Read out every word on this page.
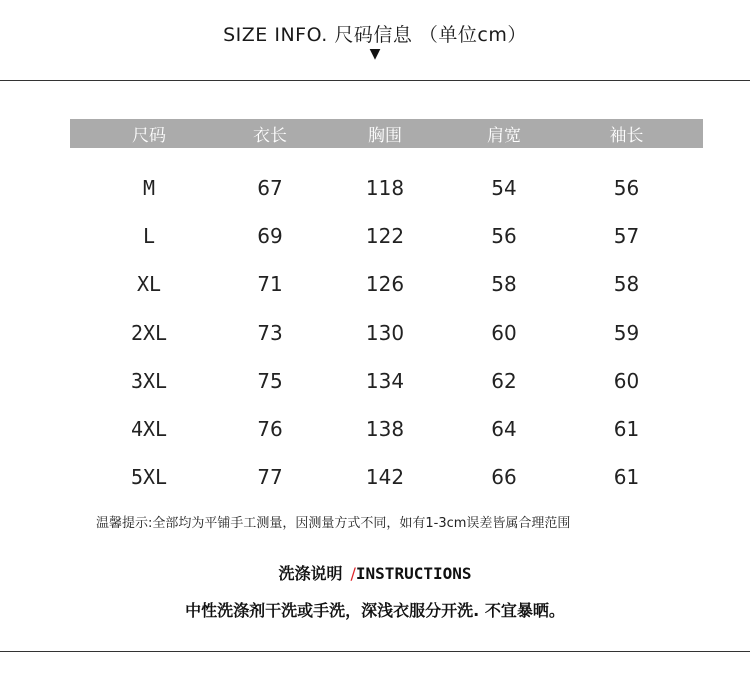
SIZE INFO. 尺码信息 （单位cm）
▼
尺码	衣长	胸围	肩宽	袖长
M	67	118	54	56
L	69	122	56	57
XL	71	126	58	58
2XL	73	130	60	59
3XL	75	134	62	60
4XL	76	138	64	61
5XL	77	142	66	61
温馨提示:全部均为平铺手工测量，因测量方式不同，如有1-3cm误差皆属合理范围
洗涤说明 /INSTRUCTIONS
中性洗涤剂干洗或手洗，深浅衣服分开洗. 不宜暴晒。
